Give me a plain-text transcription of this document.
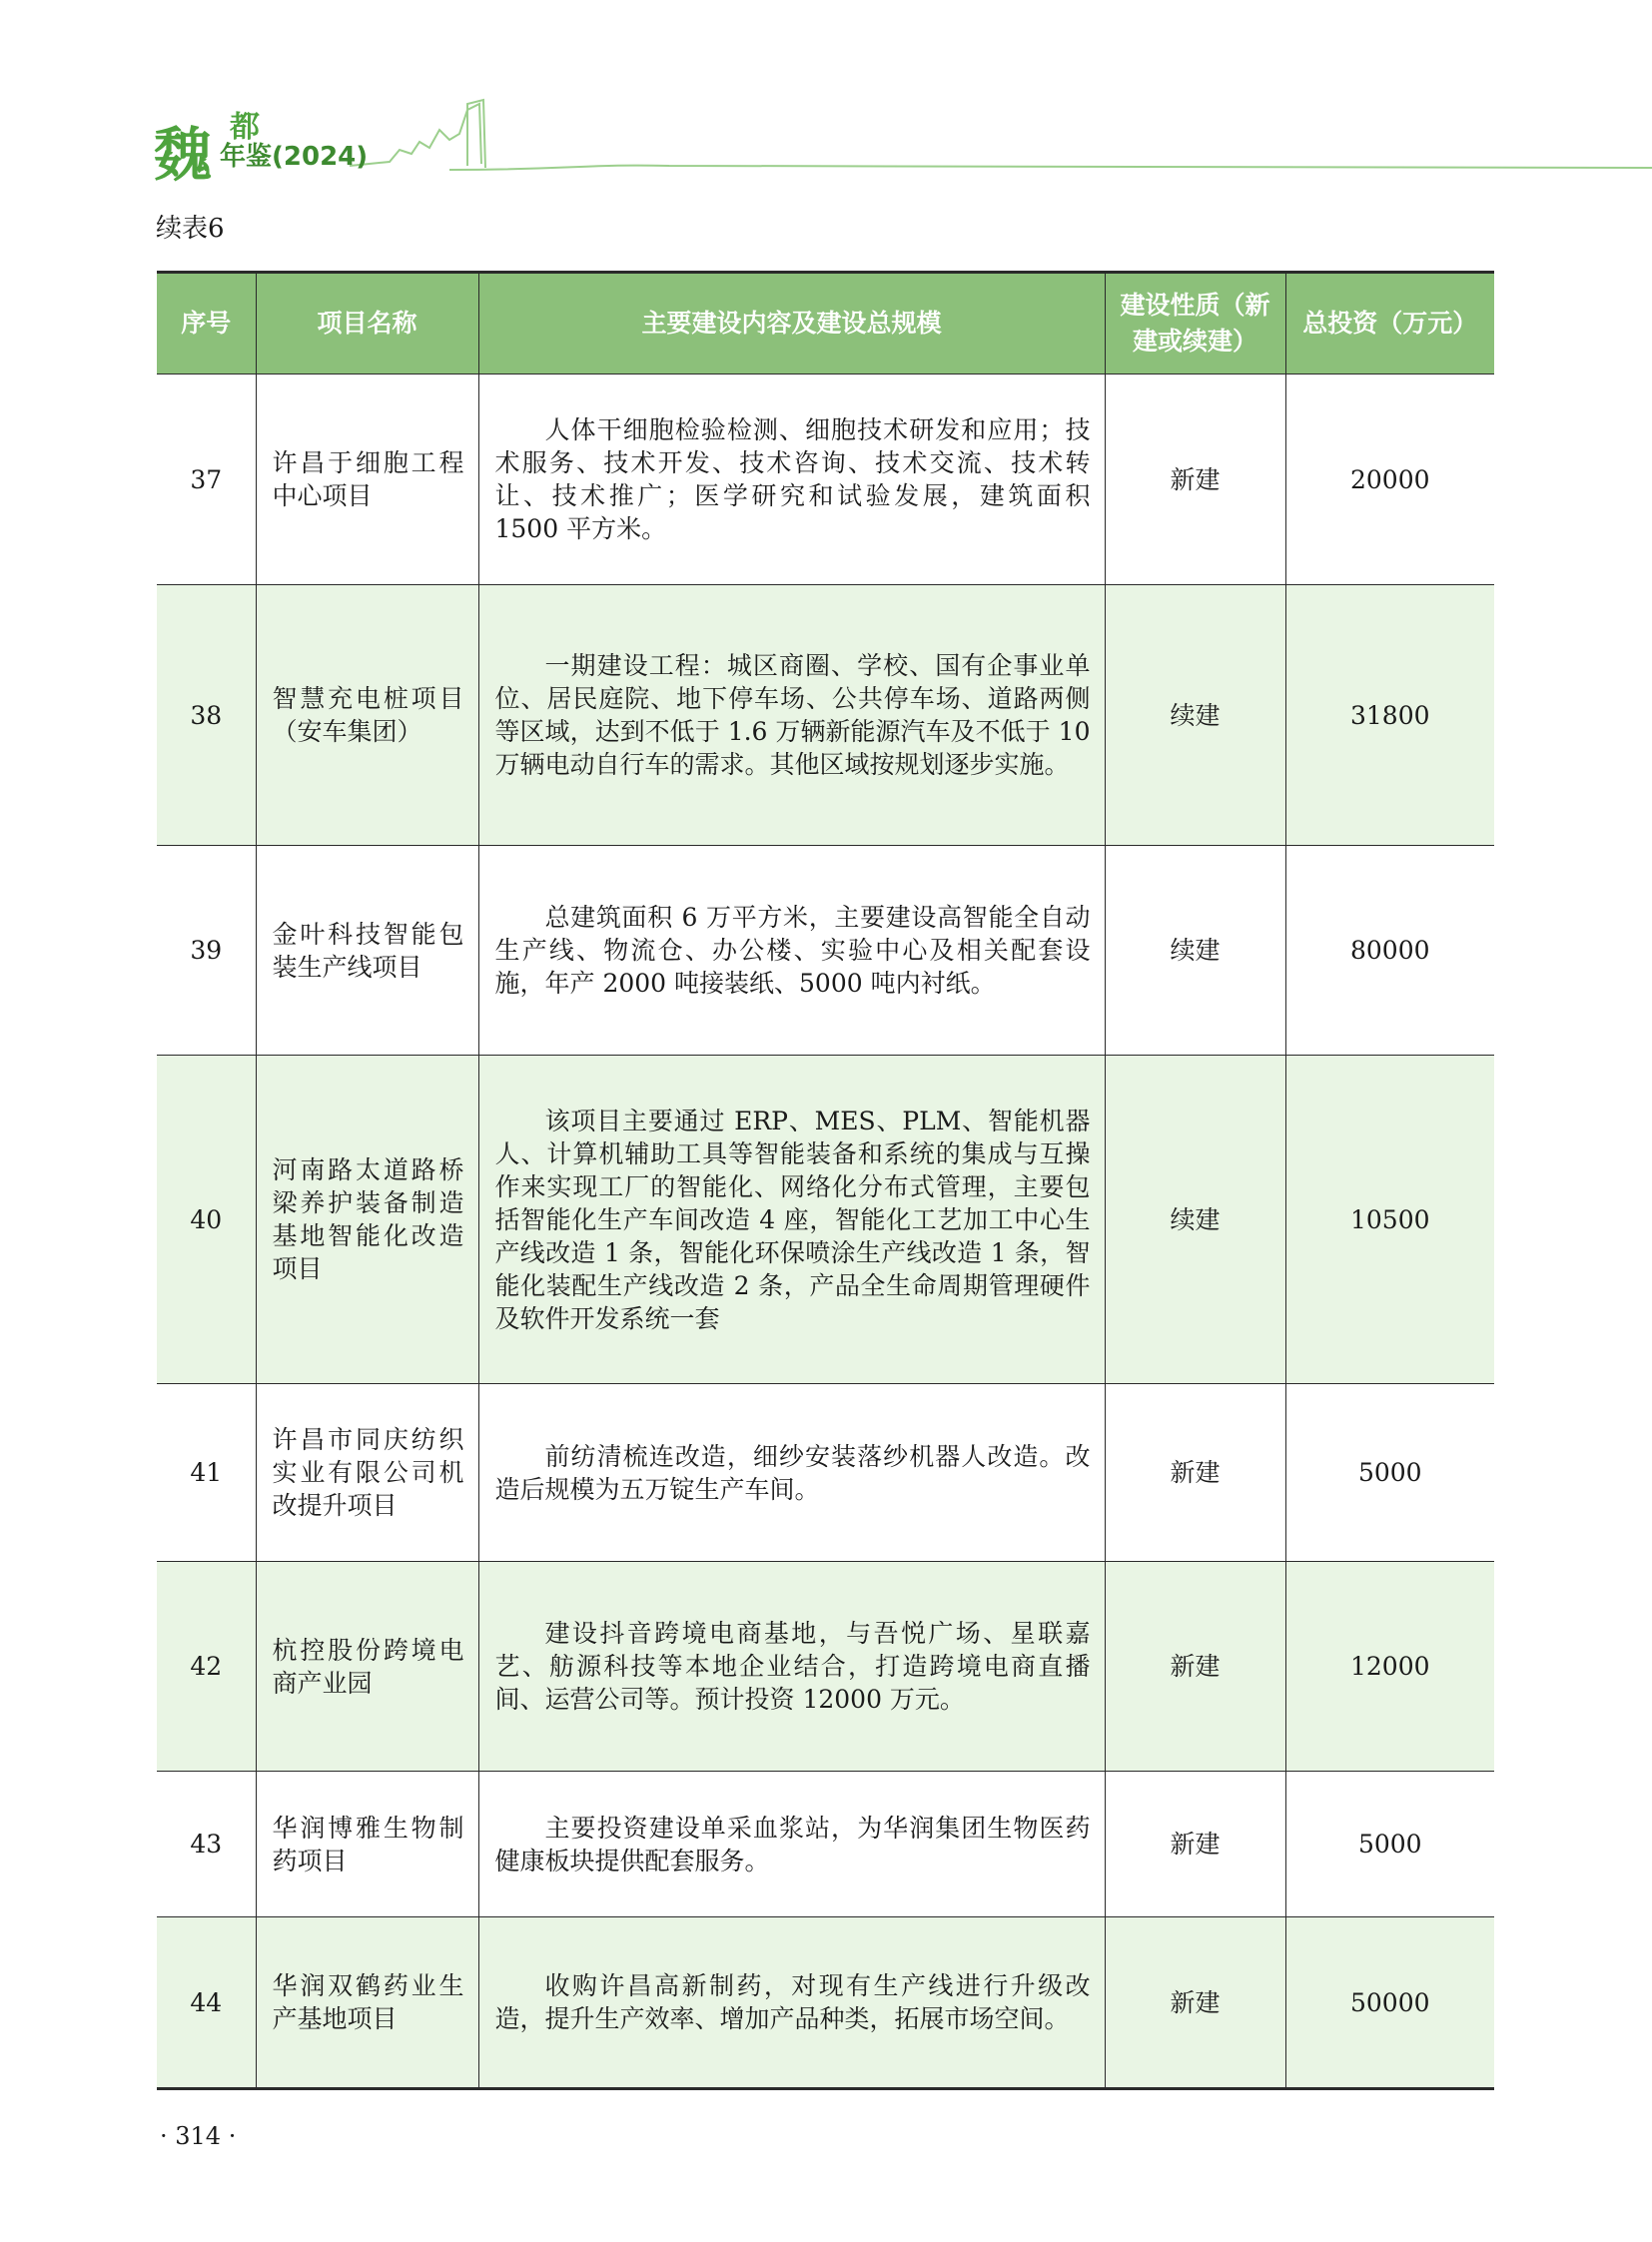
魏 都
年鉴(2024)
续表6
序号	项目名称	主要建设内容及建设总规模	建设性质（新建或续建）	总投资（万元）
37	许昌于细胞工程中心项目	人体干细胞检验检测、细胞技术研发和应用；技术服务、技术开发、技术咨询、技术交流、技术转让、技术推广；医学研究和试验发展，建筑面积 1500 平方米。	新建	20000
38	智慧充电桩项目（安车集团）	一期建设工程：城区商圈、学校、国有企事业单位、居民庭院、地下停车场、公共停车场、道路两侧等区域，达到不低于 1.6 万辆新能源汽车及不低于 10 万辆电动自行车的需求。其他区域按规划逐步实施。	续建	31800
39	金叶科技智能包装生产线项目	总建筑面积 6 万平方米，主要建设高智能全自动生产线、物流仓、办公楼、实验中心及相关配套设施，年产 2000 吨接装纸、5000 吨内衬纸。	续建	80000
40	河南路太道路桥梁养护装备制造基地智能化改造项目	该项目主要通过 ERP、MES、PLM、智能机器人、计算机辅助工具等智能装备和系统的集成与互操作来实现工厂的智能化、网络化分布式管理，主要包括智能化生产车间改造 4 座，智能化工艺加工中心生产线改造 1 条，智能化环保喷涂生产线改造 1 条，智能化装配生产线改造 2 条，产品全生命周期管理硬件及软件开发系统一套	续建	10500
41	许昌市同庆纺织实业有限公司机改提升项目	前纺清梳连改造，细纱安装落纱机器人改造。改造后规模为五万锭生产车间。	新建	5000
42	杭控股份跨境电商产业园	建设抖音跨境电商基地，与吾悦广场、星联嘉艺、舫源科技等本地企业结合，打造跨境电商直播间、运营公司等。预计投资 12000 万元。	新建	12000
43	华润博雅生物制药项目	主要投资建设单采血浆站，为华润集团生物医药健康板块提供配套服务。	新建	5000
44	华润双鹤药业生产基地项目	收购许昌高新制药，对现有生产线进行升级改造，提升生产效率、增加产品种类，拓展市场空间。	新建	50000
· 314 ·
